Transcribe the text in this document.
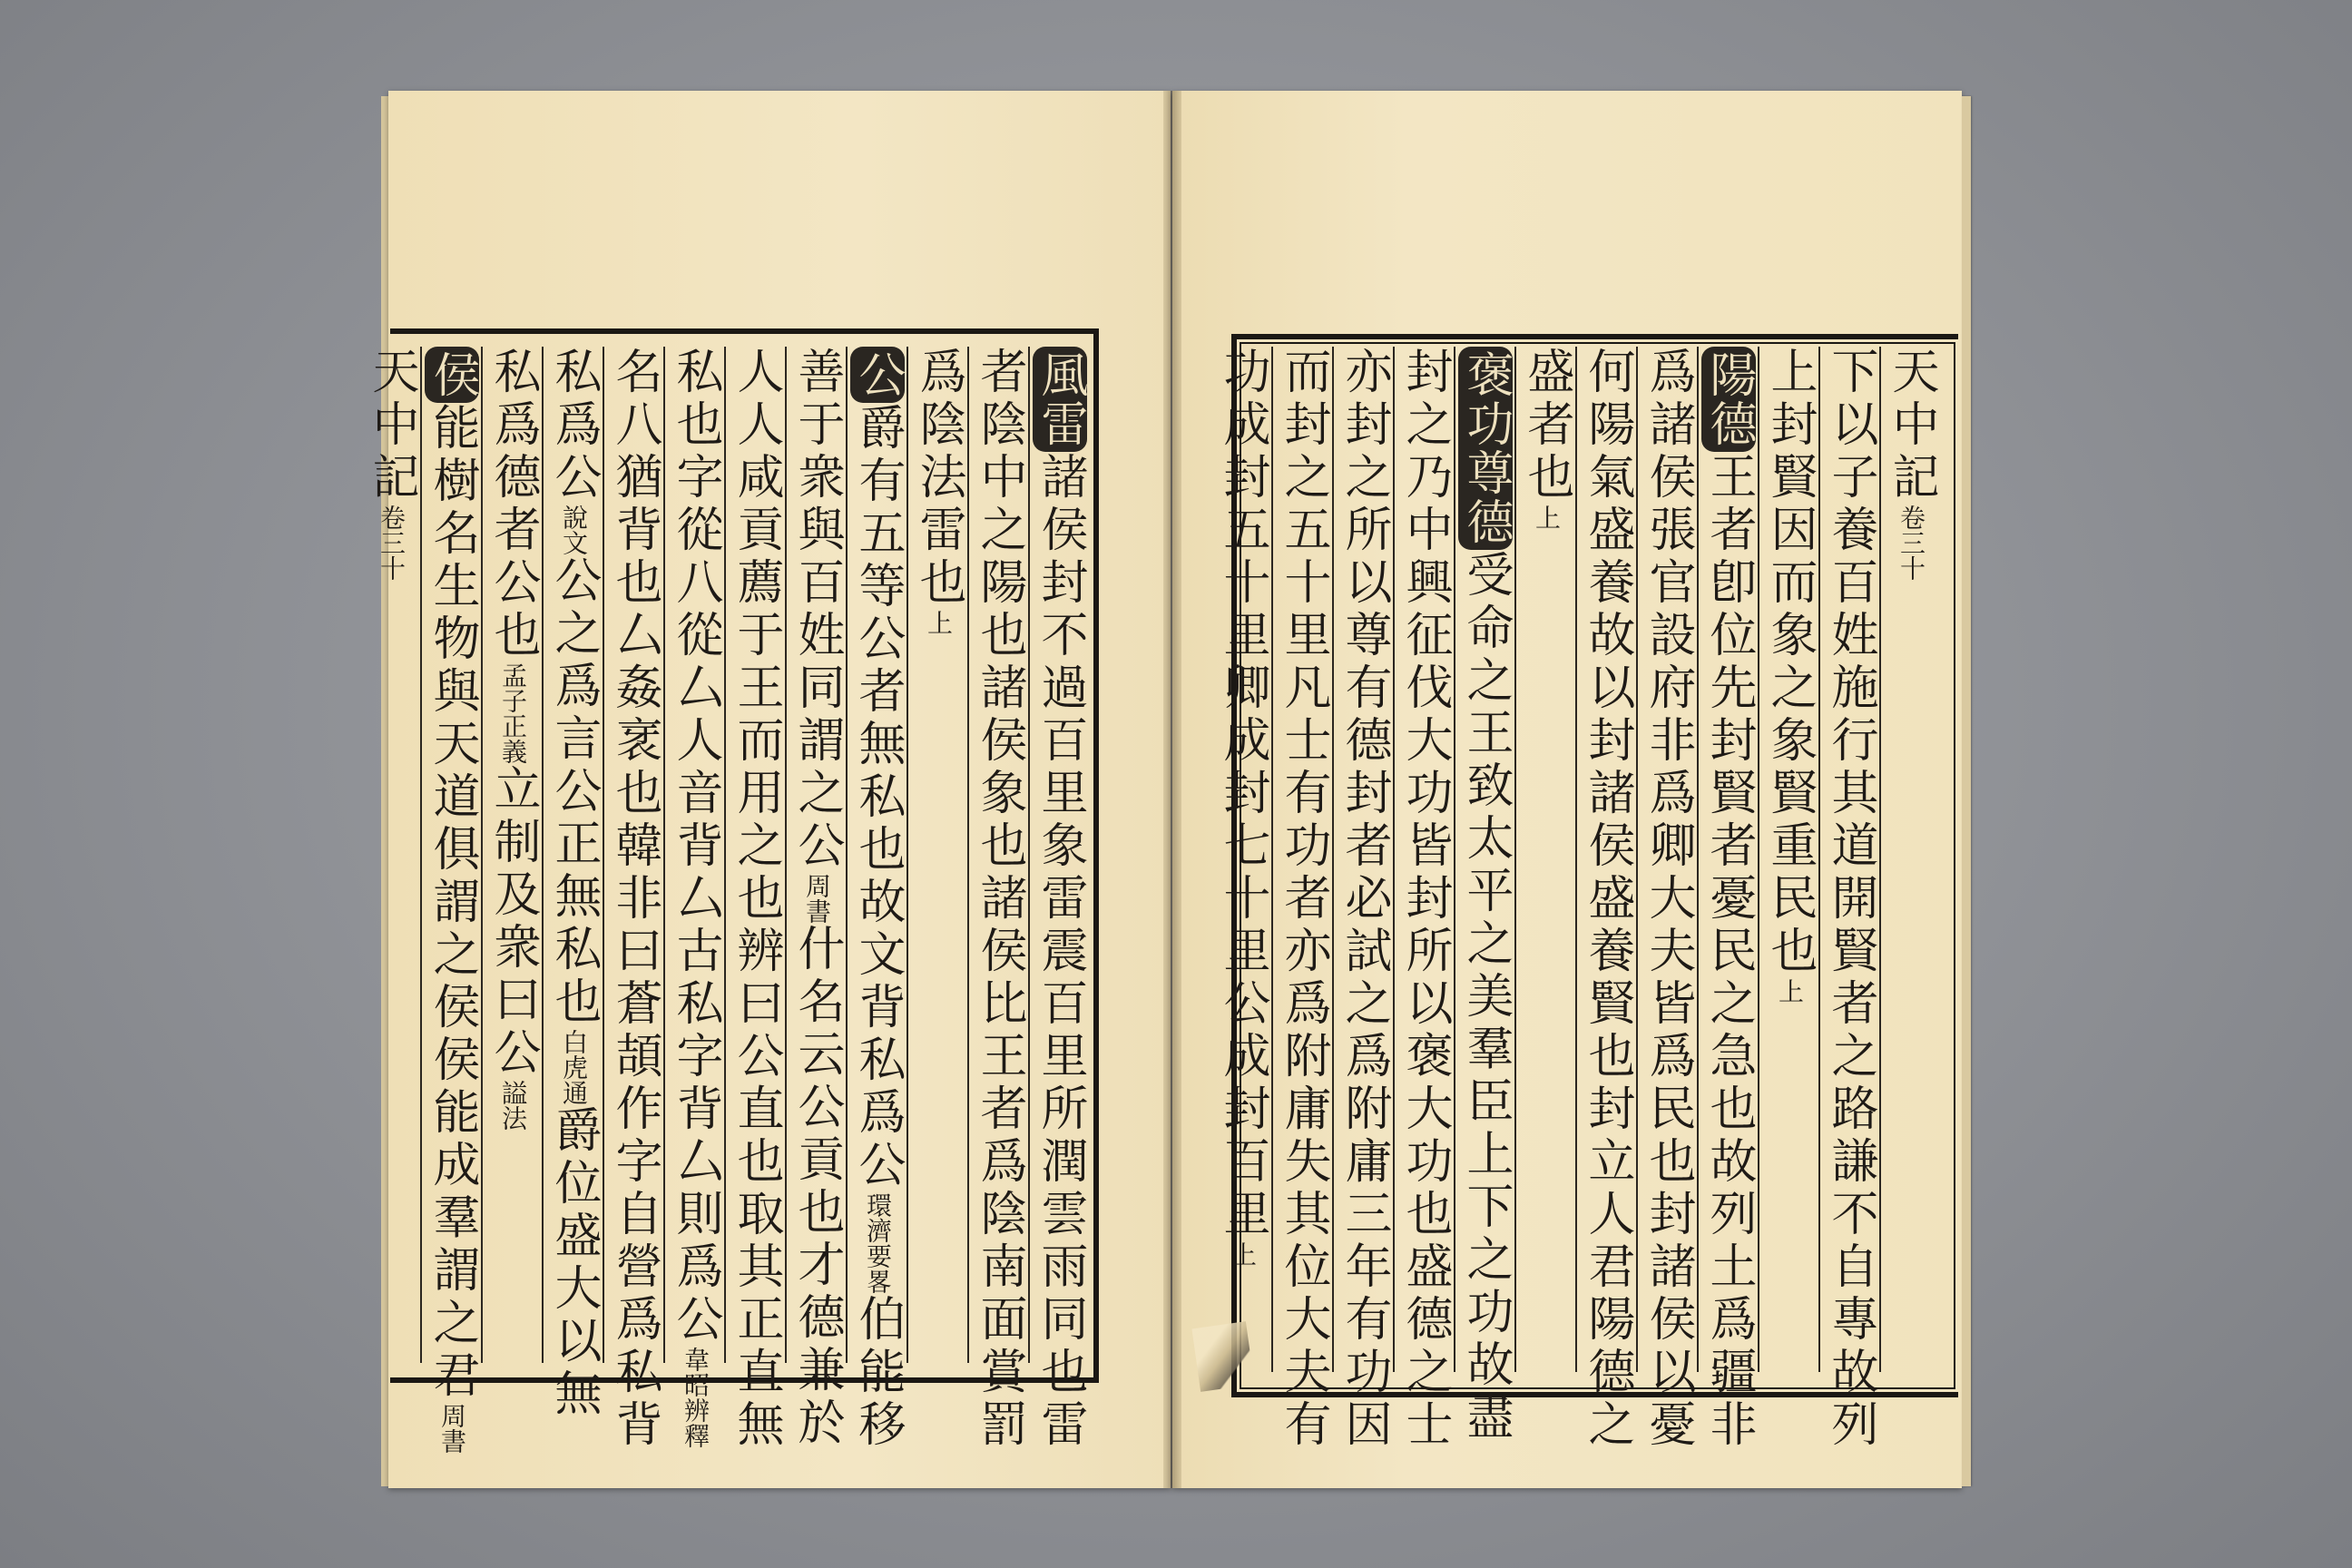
風雷諸侯封不過百里象雷震百里所潤雲雨同也雷
者陰中之陽也諸侯象也諸侯比王者爲陰南面賞罰
爲陰法雷也上
公爵有五等公者無私也故文背私爲公環濟要畧伯能移
善于衆與百姓同謂之公周書什名云公貢也才德兼於
人人咸貢薦于王而用之也辨曰公直也取其正直無
私也字從八從厶人音背厶古私字背厶則爲公韋昭辨釋
名八猶背也厶姦衺也韓非曰蒼頡作字自營爲私背
私爲公說文公之爲言公正無私也白虎通爵位盛大以無
私爲德者公也孟子正義立制及衆曰公謚法
侯能樹名生物與天道俱謂之侯侯能成羣謂之君周書
天中記卷三十
天中記卷三十
下以子養百姓施行其道開賢者之路謙不自專故列
上封賢因而象之象賢重民也上
陽德王者卽位先封賢者憂民之急也故列土爲疆非
爲諸侯張官設府非爲卿大夫皆爲民也封諸侯以憂
何陽氣盛養故以封諸侯盛養賢也封立人君陽德之
盛者也上
褒功尊德受命之王致太平之美羣臣上下之功故盡
封之乃中興征伐大功皆封所以褒大功也盛德之士
亦封之所以尊有德封者必試之爲附庸三年有功因
而封之五十里凡士有功者亦爲附庸失其位大夫有
功成封五十里卿成封七十里公成封百里上
